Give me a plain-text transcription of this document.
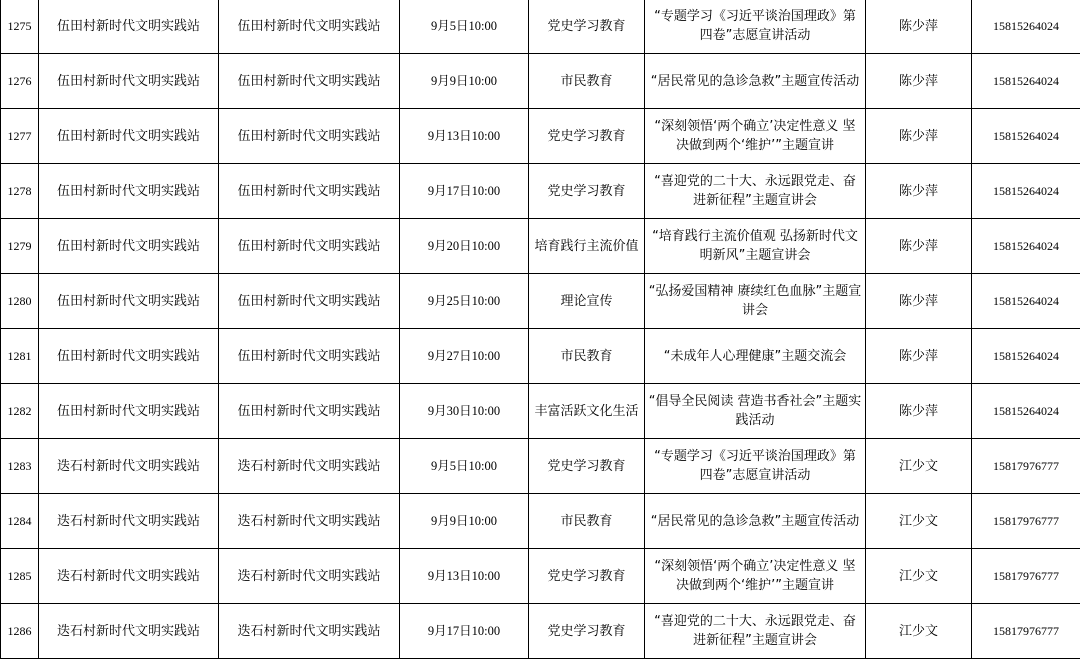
1275	伍田村新时代文明实践站	伍田村新时代文明实践站	9月5日10:00	党史学习教育	“专题学习《习近平谈治国理政》第四卷”志愿宣讲活动	陈少萍	15815264024
1276	伍田村新时代文明实践站	伍田村新时代文明实践站	9月9日10:00	市民教育	“居民常见的急诊急救”主题宣传活动	陈少萍	15815264024
1277	伍田村新时代文明实践站	伍田村新时代文明实践站	9月13日10:00	党史学习教育	“深刻领悟‘两个确立’决定性意义 坚决做到两个‘维护’”主题宣讲	陈少萍	15815264024
1278	伍田村新时代文明实践站	伍田村新时代文明实践站	9月17日10:00	党史学习教育	“喜迎党的二十大、永远跟党走、奋进新征程”主题宣讲会	陈少萍	15815264024
1279	伍田村新时代文明实践站	伍田村新时代文明实践站	9月20日10:00	培育践行主流价值	“培育践行主流价值观 弘扬新时代文明新风”主题宣讲会	陈少萍	15815264024
1280	伍田村新时代文明实践站	伍田村新时代文明实践站	9月25日10:00	理论宣传	“弘扬爱国精神 赓续红色血脉”主题宣讲会	陈少萍	15815264024
1281	伍田村新时代文明实践站	伍田村新时代文明实践站	9月27日10:00	市民教育	“未成年人心理健康”主题交流会	陈少萍	15815264024
1282	伍田村新时代文明实践站	伍田村新时代文明实践站	9月30日10:00	丰富活跃文化生活	“倡导全民阅读 营造书香社会”主题实践活动	陈少萍	15815264024
1283	迭石村新时代文明实践站	迭石村新时代文明实践站	9月5日10:00	党史学习教育	“专题学习《习近平谈治国理政》第四卷”志愿宣讲活动	江少文	15817976777
1284	迭石村新时代文明实践站	迭石村新时代文明实践站	9月9日10:00	市民教育	“居民常见的急诊急救”主题宣传活动	江少文	15817976777
1285	迭石村新时代文明实践站	迭石村新时代文明实践站	9月13日10:00	党史学习教育	“深刻领悟‘两个确立’决定性意义 坚决做到两个‘维护’”主题宣讲	江少文	15817976777
1286	迭石村新时代文明实践站	迭石村新时代文明实践站	9月17日10:00	党史学习教育	“喜迎党的二十大、永远跟党走、奋进新征程”主题宣讲会	江少文	15817976777
